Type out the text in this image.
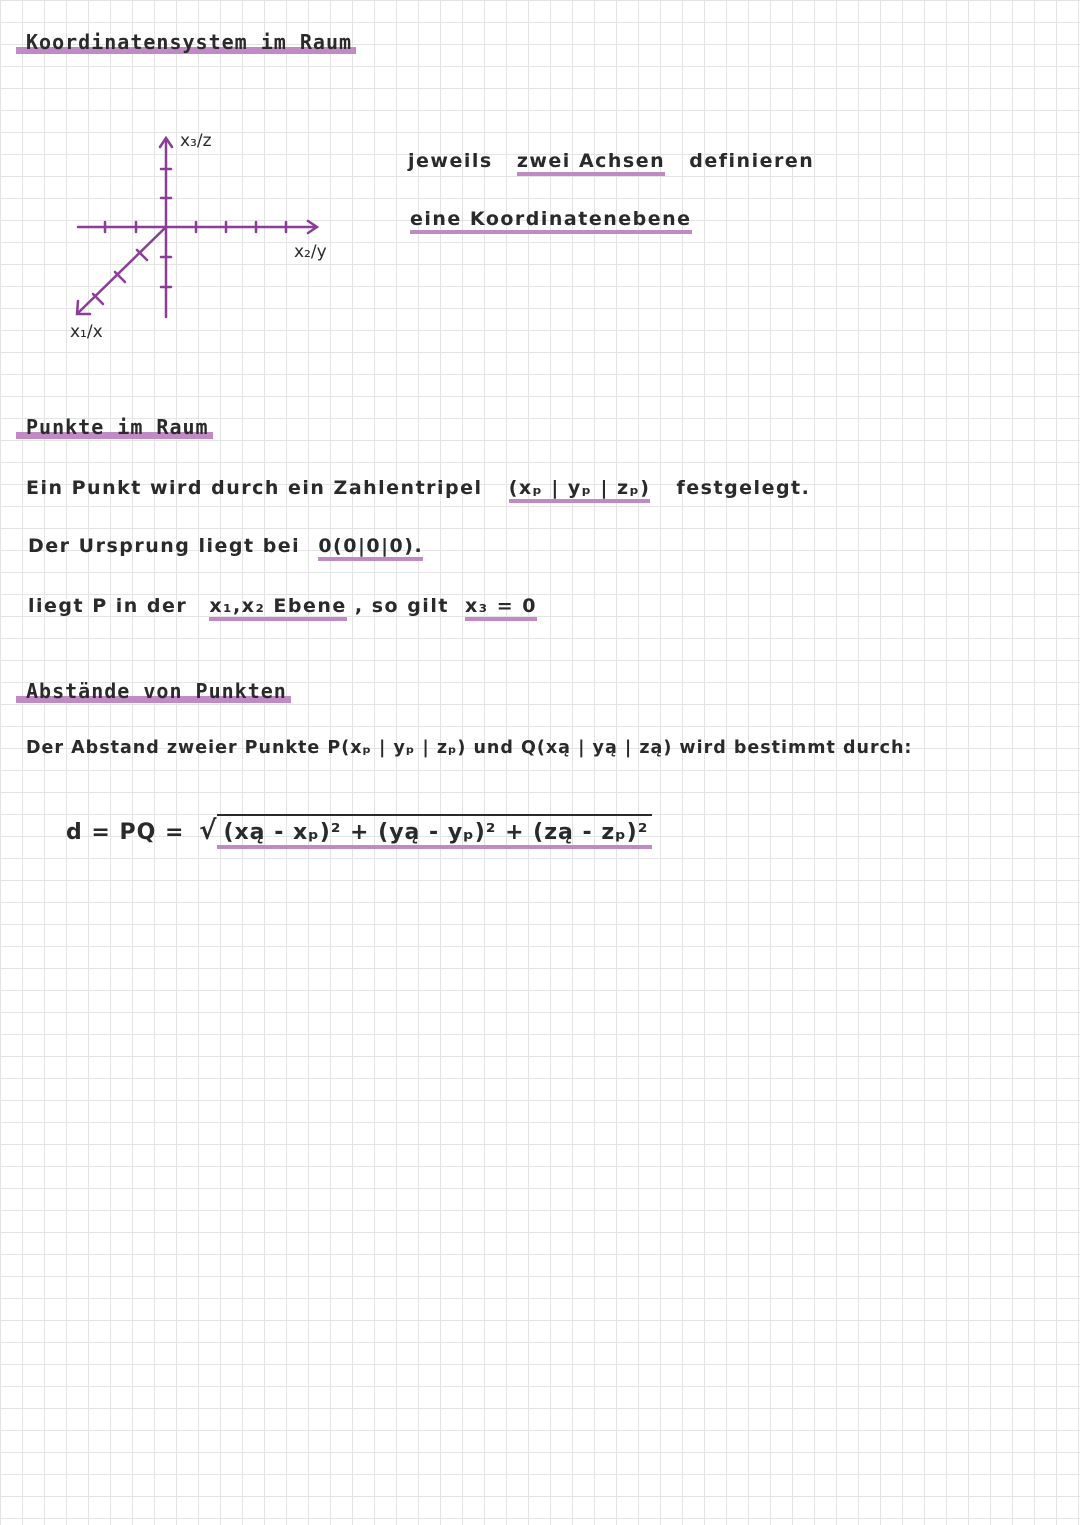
Koordinatensystem im Raum
x₃/z
x₂/y
x₁/x
jeweils zwei Achsen definieren
eine Koordinatenebene
Punkte im Raum
Ein Punkt wird durch ein Zahlentripel (xₚ | yₚ | zₚ) festgelegt.
Der Ursprung liegt bei 0(0|0|0).
liegt P in der x₁,x₂ Ebene , so gilt x₃ = 0
Abstände von Punkten
Der Abstand zweier Punkte P(xₚ | yₚ | zₚ) und Q(xą | yą | zą) wird bestimmt durch:
d = PQ = √ (xą - xₚ)² + (yą - yₚ)² + (zą - zₚ)²
